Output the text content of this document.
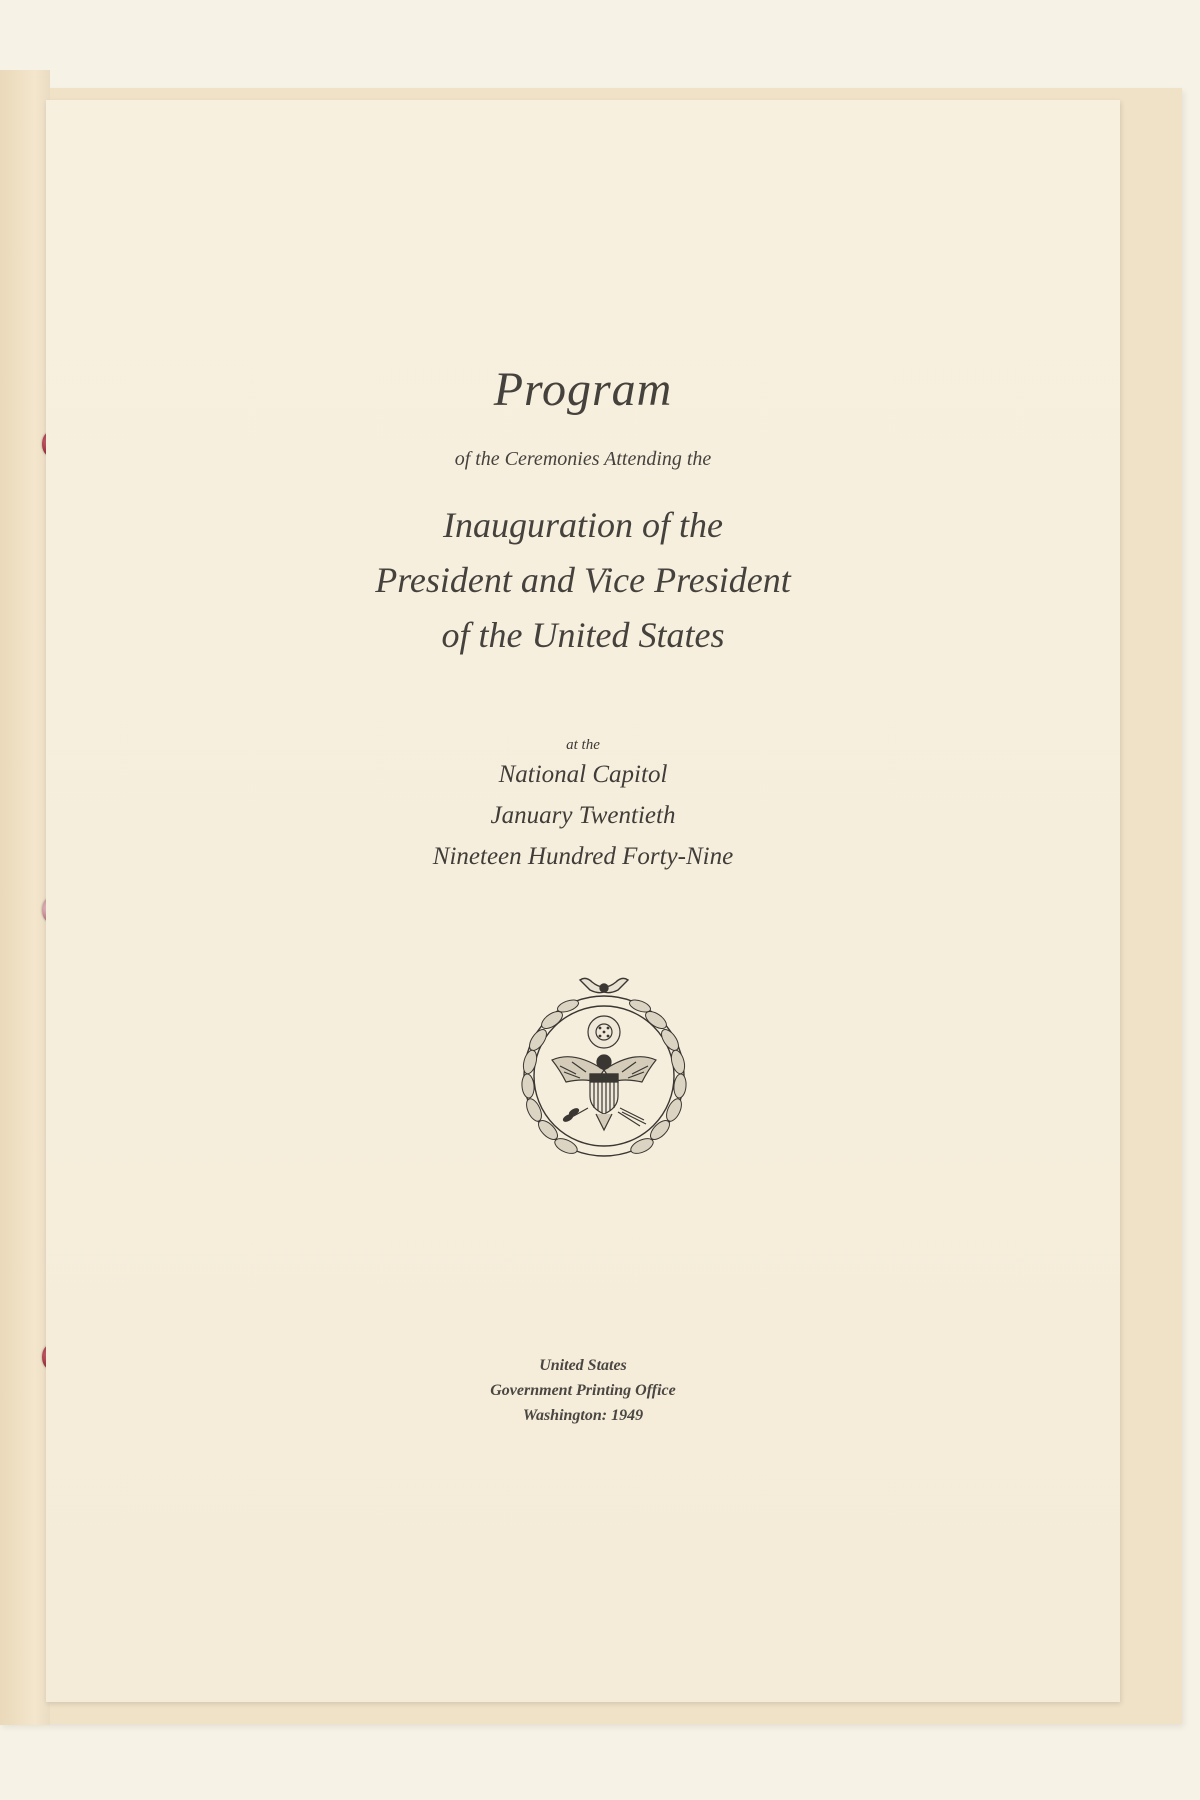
Program
of the Ceremonies Attending the
Inauguration of the
President and Vice President
of the United States
at the
National Capitol
January Twentieth
Nineteen Hundred Forty-Nine
United States
Government Printing Office
Washington: 1949
